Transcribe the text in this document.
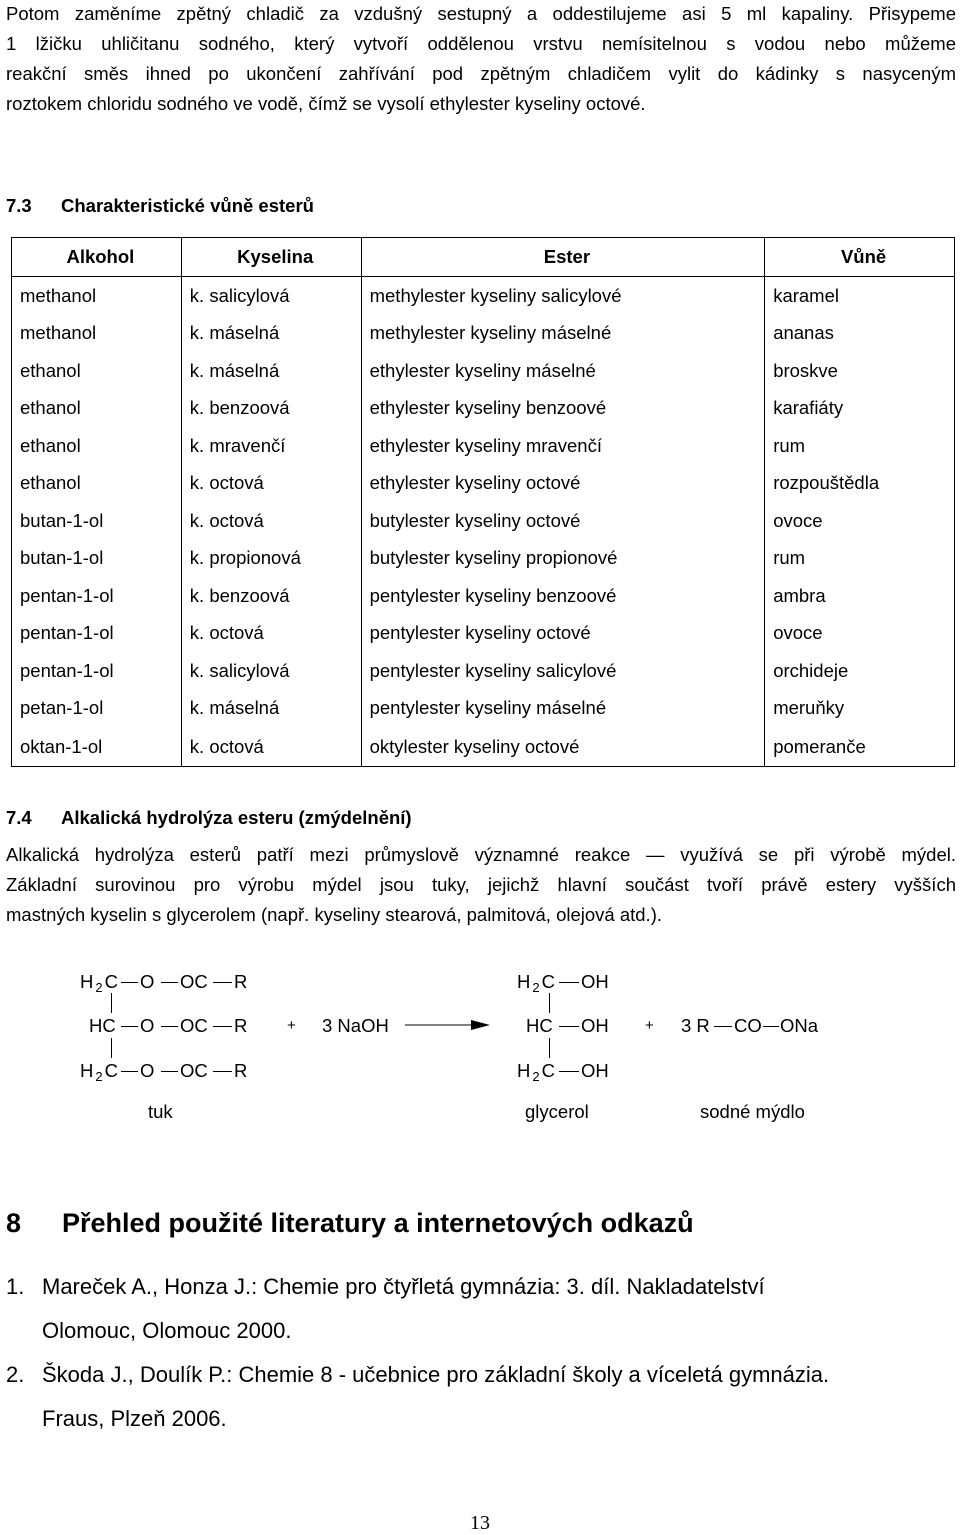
Potom zaměníme zpětný chladič za vzdušný sestupný a oddestilujeme asi 5 ml kapaliny. Přisypeme
1 lžičku uhličitanu sodného, který vytvoří oddělenou vrstvu nemísitelnou s vodou nebo můžeme
reakční směs ihned po ukončení zahřívání pod zpětným chladičem vylit do kádinky s nasyceným
roztokem chloridu sodného ve vodě, čímž se vysolí ethylester kyseliny octové.
7.3 Charakteristické vůně esterů
Alkohol	Kyselina	Ester	Vůně
methanol	k. salicylová	methylester kyseliny salicylové	karamel
methanol	k. máselná	methylester kyseliny máselné	ananas
ethanol	k. máselná	ethylester kyseliny máselné	broskve
ethanol	k. benzoová	ethylester kyseliny benzoové	karafiáty
ethanol	k. mravenčí	ethylester kyseliny mravenčí	rum
ethanol	k. octová	ethylester kyseliny octové	rozpouštědla
butan-1-ol	k. octová	butylester kyseliny octové	ovoce
butan-1-ol	k. propionová	butylester kyseliny propionové	rum
pentan-1-ol	k. benzoová	pentylester kyseliny benzoové	ambra
pentan-1-ol	k. octová	pentylester kyseliny octové	ovoce
pentan-1-ol	k. salicylová	pentylester kyseliny salicylové	orchideje
petan-1-ol	k. máselná	pentylester kyseliny máselné	meruňky
oktan-1-ol	k. octová	oktylester kyseliny octové	pomeranče
7.4 Alkalická hydrolýza esteru (zmýdelnění)
Alkalická hydrolýza esterů patří mezi průmyslově významné reakce — využívá se při výrobě mýdel.
Základní surovinou pro výrobu mýdel jsou tuky, jejichž hlavní součást tvoří právě estery vyšších
mastných kyselin s glycerolem (např. kyseliny stearová, palmitová, olejová atd.).
H $_2$ C O OC R
HC O OC R
H $_2$ C O OC R
+ 3 NaOH
H $_2$ C OH
HC OH
H $_2$ C OH
+ 3 R CO ONa
tuk	glycerol	sodné mýdlo
8 Přehled použité literatury a internetových odkazů
1. Mareček A., Honza J.: Chemie pro čtyřletá gymnázia: 3. díl. Nakladatelství
Olomouc, Olomouc 2000.
2. Škoda J., Doulík P.: Chemie 8 - učebnice pro základní školy a víceletá gymnázia.
Fraus, Plzeň 2006.
13
